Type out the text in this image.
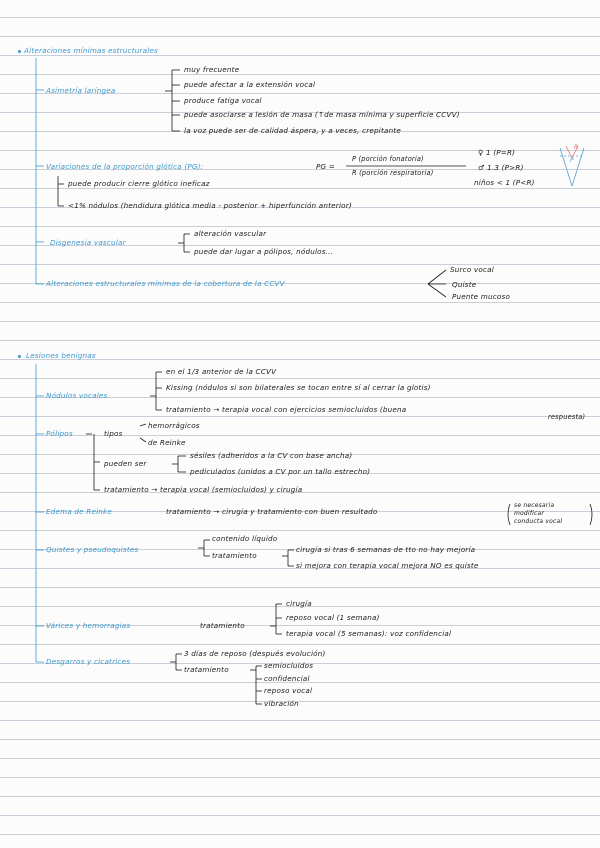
Alteraciones mínimas estructurales
Asimetría laríngea
muy frecuente
puede afectar a la extensión vocal
produce fatiga vocal
puede asociarse a lesión de masa (↑de masa mínima y superficie CCVV)
la voz puede ser de calidad áspera, y a veces, crepitante
Variaciones de la proporción glótica (PG):	PG =
P (porción fonatoria)
R (porción respiratoria)
♀ 1 (P=R)
♂ 1.3 (P>R)
niños < 1 (P<R)
R
P
puede producir cierre glótico ineficaz
<1% nódulos (hendidura glótica media - posterior + hiperfunción anterior)
Disgenesia vascular
alteración vascular
puede dar lugar a pólipos, nódulos...
Alteraciones estructurales mínimas de la cobertura de la CCVV
Surco vocal
Quiste
Puente mucoso
Lesiones benignas
Nódulos vocales
en el 1/3 anterior de la CCVV
Kissing (nódulos si son bilaterales se tocan entre sí al cerrar la glotis)
tratamiento → terapia vocal con ejercicios semiocluidos (buena
respuesta)
Pólipos	tipos
hemorrágicos
de Reinke
pueden ser
sésiles (adheridos a la CV con base ancha)
pediculados (unidos a CV por un tallo estrecho)
tratamiento → terapia vocal (semiocluidos) y cirugía
Edema de Reinke	tratamiento → cirugía y tratamiento con buen resultado
se necesaria
modificar
conducta vocal
Quistes y pseudoquistes
contenido líquido
tratamiento
cirugía si tras 6 semanas de tto no hay mejoría
si mejora con terapia vocal mejora NO es quiste
Várices y hemorragias	tratamiento
cirugía
reposo vocal (1 semana)
terapia vocal (5 semanas): voz confidencial
Desgarros y cicatrices
3 días de reposo (después evolución)
tratamiento	semiocluidos
confidencial
reposo vocal
vibración
